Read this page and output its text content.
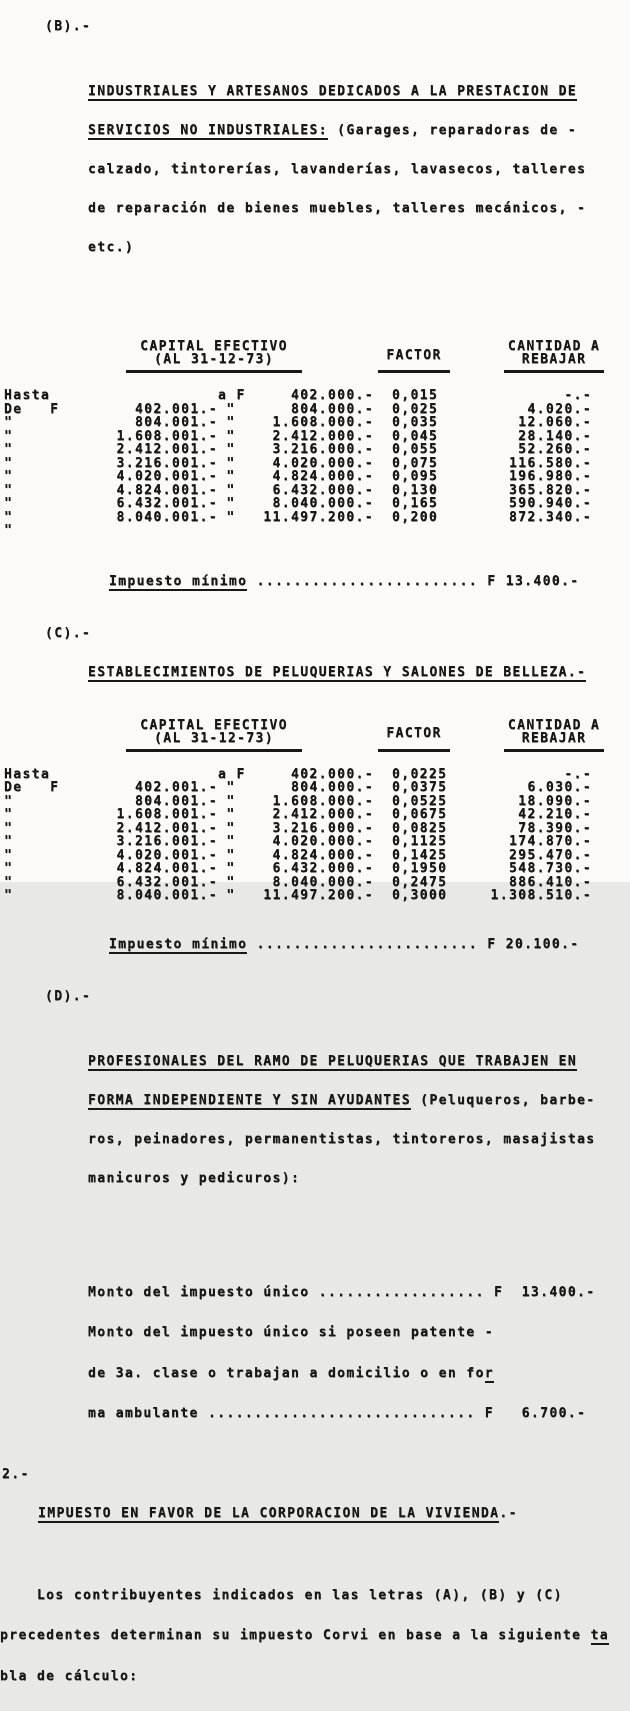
(B).-

INDUSTRIALES Y ARTESANOS DEDICADOS A LA PRESTACION DE

SERVICIOS NO INDUSTRIALES: (Garages, reparadoras de -

calzado, tintorerías, lavanderías, lavasecos, talleres

de reparación de bienes muebles, talleres mecánicos, -

etc.)

CAPITAL EFECTIVO
(AL 31-12-73)	FACTOR
CANTIDAD A
REBAJAR
Hasta	a F	402.000.-	0,015	-.-
De   F	402.001.- "	804.000.-	0,025	4.020.-
"	804.001.- "	1.608.000.-	0,035	12.060.-
"	1.608.001.- "	2.412.000.-	0,045	28.140.-
"	2.412.001.- "	3.216.000.-	0,055	52.260.-
"	3.216.001.- "	4.020.000.-	0,075	116.580.-
"	4.020.001.- "	4.824.000.-	0,095	196.980.-
"	4.824.001.- "	6.432.000.-	0,130	365.820.-
"	6.432.001.- "	8.040.000.-	0,165	590.940.-
"	8.040.001.- "	11.497.200.-	0,200	872.340.-
"

Impuesto mínimo ........................ F 13.400.-

(C).-

ESTABLECIMIENTOS DE PELUQUERIAS Y SALONES DE BELLEZA.-

CAPITAL EFECTIVO
(AL 31-12-73)	FACTOR
CANTIDAD A
REBAJAR
Hasta	a F	402.000.-	0,0225	-.-
De   F	402.001.- "	804.000.-	0,0375	6.030.-
"	804.001.- "	1.608.000.-	0,0525	18.090.-
"	1.608.001.- "	2.412.000.-	0,0675	42.210.-
"	2.412.001.- "	3.216.000.-	0,0825	78.390.-
"	3.216.001.- "	4.020.000.-	0,1125	174.870.-
"	4.020.001.- "	4.824.000.-	0,1425	295.470.-
"	4.824.001.- "	6.432.000.-	0,1950	548.730.-
"	6.432.001.- "	8.040.000.-	0,2475	886.410.-
"	8.040.001.- "	11.497.200.-	0,3000	1.308.510.-

Impuesto mínimo ........................ F 20.100.-

(D).-

PROFESIONALES DEL RAMO DE PELUQUERIAS QUE TRABAJEN EN

FORMA INDEPENDIENTE Y SIN AYUDANTES (Peluqueros, barbe-

ros, peinadores, permanentistas, tintoreros, masajistas

manicuros y pedicuros):

Monto del impuesto único .................. F  13.400.-

Monto del impuesto único si poseen patente -

de 3a. clase o trabajan a domicilio o en for

ma ambulante ............................. F   6.700.-

2.-

IMPUESTO EN FAVOR DE LA CORPORACION DE LA VIVIENDA.-

Los contribuyentes indicados en las letras (A), (B) y (C)

precedentes determinan su impuesto Corvi en base a la siguiente ta

bla de cálculo:
